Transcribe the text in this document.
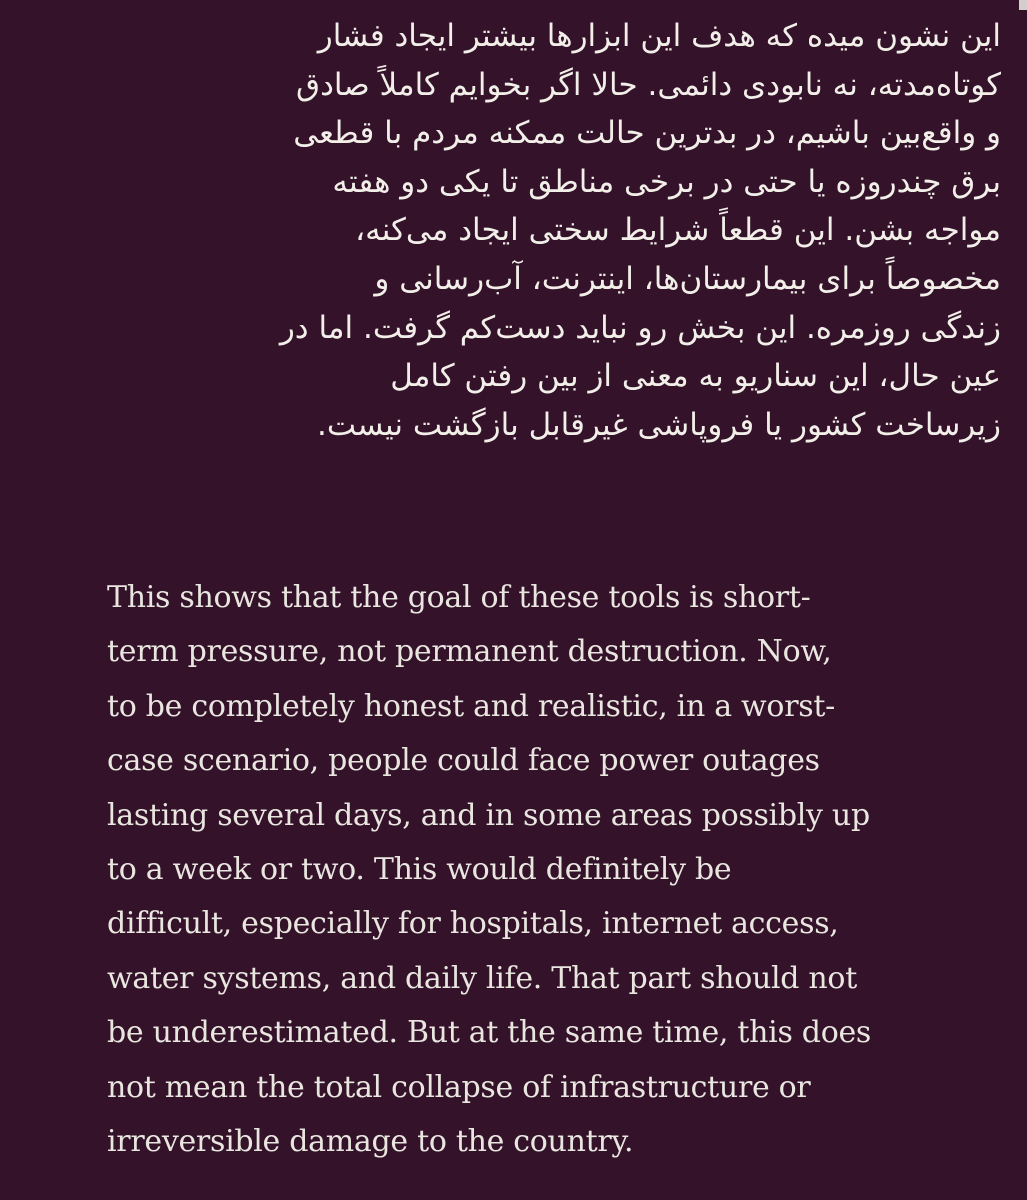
این نشون میده که هدف این ابزارها بیشتر ایجاد فشار
کوتاه‌مدته، نه نابودی دائمی. حالا اگر بخوایم کاملاً صادق
و واقع‌بین باشیم، در بدترین حالت ممکنه مردم با قطعی
برق چندروزه یا حتی در برخی مناطق تا یکی دو هفته
مواجه بشن. این قطعاً شرایط سختی ایجاد می‌کنه،
مخصوصاً برای بیمارستان‌ها، اینترنت، آب‌رسانی و
زندگی روزمره. این بخش رو نباید دست‌کم گرفت. اما در
عین حال، این سناریو به معنی از بین رفتن کامل
زیرساخت کشور یا فروپاشی غیرقابل بازگشت نیست.
This shows that the goal of these tools is short-
term pressure, not permanent destruction. Now,
to be completely honest and realistic, in a worst-
case scenario, people could face power outages
lasting several days, and in some areas possibly up
to a week or two. This would definitely be
difficult, especially for hospitals, internet access,
water systems, and daily life. That part should not
be underestimated. But at the same time, this does
not mean the total collapse of infrastructure or
irreversible damage to the country.
